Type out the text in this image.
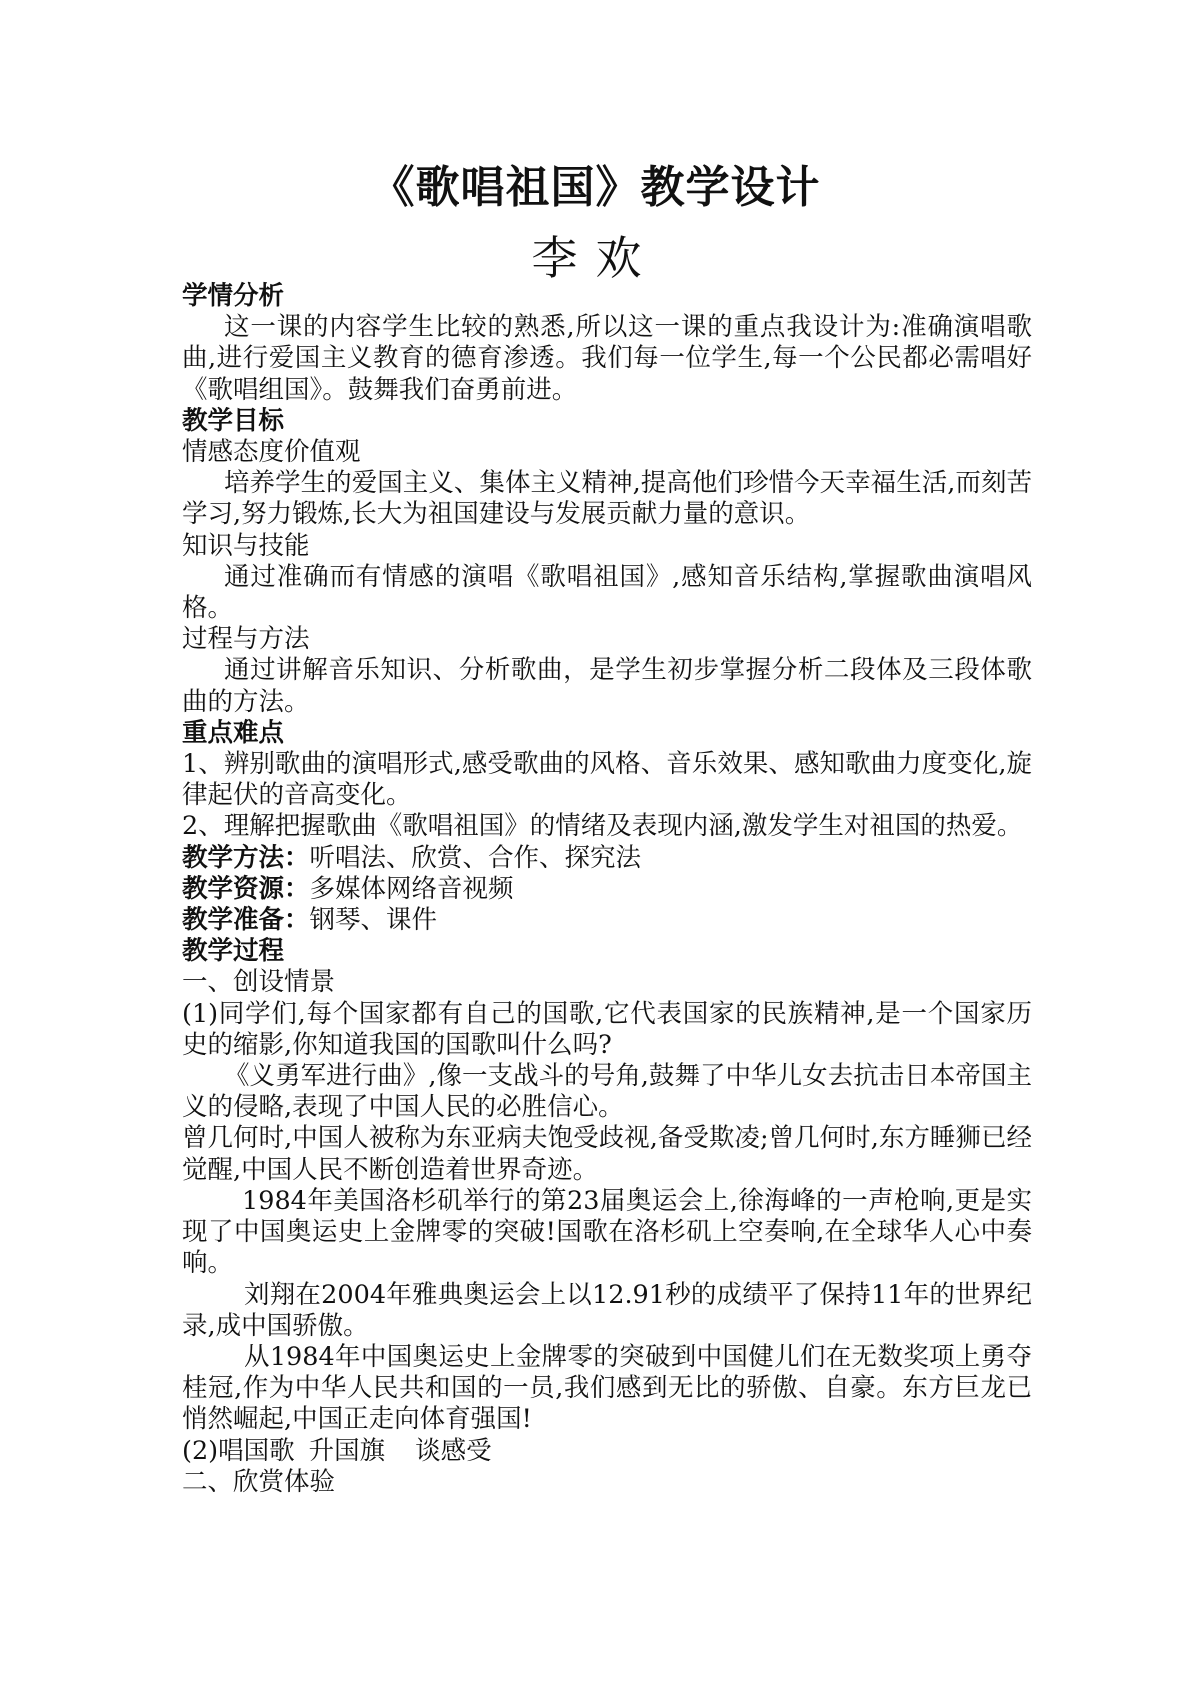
《歌唱祖国》教学设计
李欢

学情分析

这一课的内容学生比较的熟悉,所以这一课的重点我设计为:准确演唱歌曲,进行爱国主义教育的德育渗透。我们每一位学生,每一个公民都必需唱好《歌唱组国》。鼓舞我们奋勇前进。

教学目标

情感态度价值观

培养学生的爱国主义、集体主义精神,提高他们珍惜今天幸福生活,而刻苦学习,努力锻炼,长大为祖国建设与发展贡献力量的意识。

知识与技能

通过准确而有情感的演唱《歌唱祖国》,感知音乐结构,掌握歌曲演唱风格。

过程与方法

通过讲解音乐知识、分析歌曲，是学生初步掌握分析二段体及三段体歌曲的方法。

重点难点

1、辨别歌曲的演唱形式,感受歌曲的风格、音乐效果、感知歌曲力度变化,旋律起伏的音高变化。

2、理解把握歌曲《歌唱祖国》的情绪及表现内涵,激发学生对祖国的热爱。

教学方法：听唱法、欣赏、合作、探究法

教学资源：多媒体网络音视频

教学准备：钢琴、课件

教学过程

一、创设情景

(1)同学们,每个国家都有自己的国歌,它代表国家的民族精神,是一个国家历史的缩影,你知道我国的国歌叫什么吗?

《义勇军进行曲》,像一支战斗的号角,鼓舞了中华儿女去抗击日本帝国主义的侵略,表现了中国人民的必胜信心。

曾几何时,中国人被称为东亚病夫饱受歧视,备受欺凌;曾几何时,东方睡狮已经觉醒,中国人民不断创造着世界奇迹。

1984年美国洛杉矶举行的第23届奥运会上,徐海峰的一声枪响,更是实现了中国奥运史上金牌零的突破!国歌在洛杉矶上空奏响,在全球华人心中奏响。

刘翔在2004年雅典奥运会上以12.91秒的成绩平了保持11年的世界纪录,成中国骄傲。

从1984年中国奥运史上金牌零的突破到中国健儿们在无数奖项上勇夺桂冠,作为中华人民共和国的一员,我们感到无比的骄傲、自豪。东方巨龙已悄然崛起,中国正走向体育强国!

(2)唱国歌 升国旗 谈感受

二、欣赏体验
